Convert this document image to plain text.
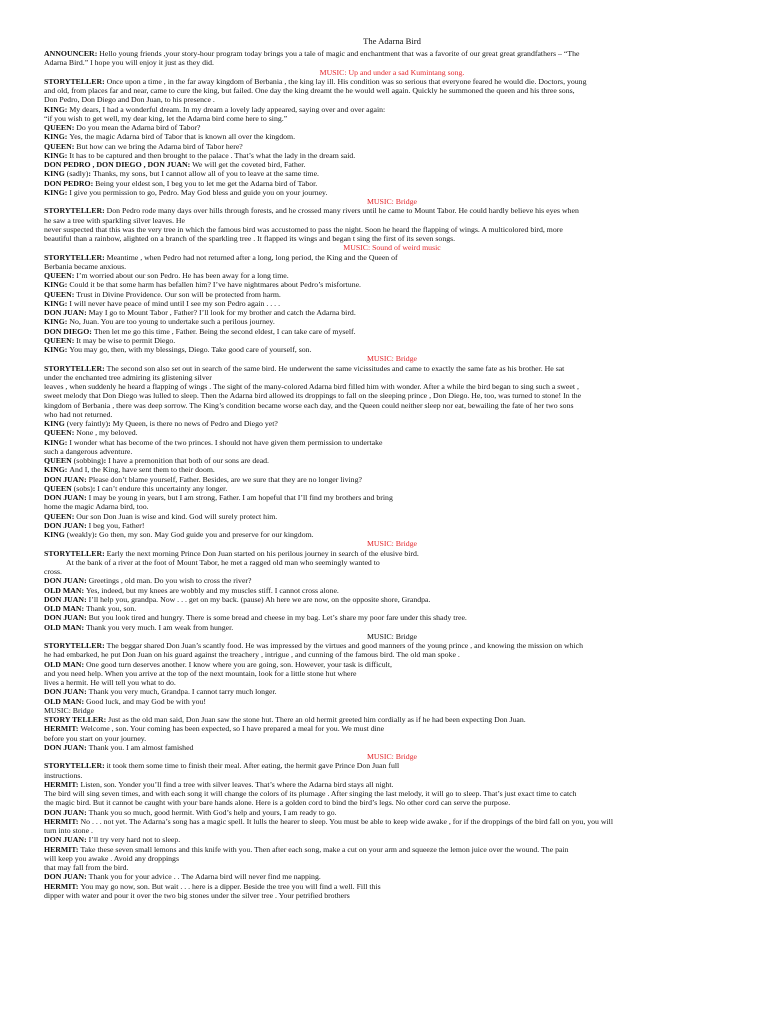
The Adarna Bird
ANNOUNCER: Hello young friends ,your story-hour program today brings you a tale of magic and enchantment that was a favorite of our great great grandfathers – “The
Adarna Bird.” I hope you will enjoy it just as they did.
MUSIC: Up and under a sad Kumintang song.
STORYTELLER: Once upon a time , in the far away kingdom of Berbania , the king lay ill. His condition was so serious that everyone feared he would die. Doctors, young
and old, from places far and near, came to cure the king, but failed. One day the king dreamt the he would well again. Quickly he summoned the queen and his three sons,
Don Pedro, Don Diego and Don Juan, to his presence .
KING: My dears, I had a wonderful dream. In my dream a lovely lady appeared, saying over and over again:
“if you wish to get well, my dear king, let the Adarna bird come here to sing.”
QUEEN: Do you mean the Adarna bird of Tabor?
KING: Yes, the magic Adarna bird of Tabor that is known all over the kingdom.
QUEEN: But how can we bring the Adarna bird of Tabor here?
KING: It has to be captured and then brought to the palace . That’s what the lady in the dream said.
DON PEDRO , DON DIEGO , DON JUAN: We will get the coveted bird, Father.
KING (sadly): Thanks, my sons, but I cannot allow all of you to leave at the same time.
DON PEDRO: Being your eldest son, I beg you to let me get the Adarna bird of Tabor.
KING: I give you permission to go, Pedro. May God bless and guide you on your journey.
MUSIC: Bridge
STORYTELLER: Don Pedro rode many days over hills through forests, and he crossed many rivers until he came to Mount Tabor. He could hardly believe his eyes when
he saw a tree with sparkling silver leaves. He
never suspected that this was the very tree in which the famous bird was accustomed to pass the night. Soon he heard the flapping of wings. A multicolored bird, more
beautiful than a rainbow, alighted on a branch of the sparkling tree . It flapped its wings and began t sing the first of its seven songs.
MUSIC: Sound of weird music
STORYTELLER: Meantime , when Pedro had not returned after a long, long period, the King and the Queen of
Berbania became anxious.
QUEEN: I’m worried about our son Pedro. He has been away for a long time.
KING: Could it be that some harm has befallen him? I’ve have nightmares about Pedro’s misfortune.
QUEEN: Trust in Divine Providence. Our son will be protected from harm.
KING: I will never have peace of mind until I see my son Pedro again . . . .
DON JUAN: May I go to Mount Tabor , Father? I’ll look for my brother and catch the Adarna bird.
KING: No, Juan. You are too young to undertake such a perilous journey.
DON DIEGO: Then let me go this time , Father. Being the second eldest, I can take care of myself.
QUEEN: It may be wise to permit Diego.
KING: You may go, then, with my blessings, Diego. Take good care of yourself, son.
MUSIC: Bridge
STORYTELLER: The second son also set out in search of the same bird. He underwent the same vicissitudes and came to exactly the same fate as his brother. He sat
under the enchanted tree admiring its glistening silver
leaves , when suddenly he heard a flapping of wings . The sight of the many-colored Adarna bird filled him with wonder. After a while the bird began to sing such a sweet ,
sweet melody that Don Diego was lulled to sleep. Then the Adarna bird allowed its droppings to fall on the sleeping prince , Don Diego. He, too, was turned to stone! In the
kingdom of Berbania , there was deep sorrow. The King’s condition became worse each day, and the Queen could neither sleep nor eat, bewailing the fate of her two sons
who had not returned.
KING (very faintly): My Queen, is there no news of Pedro and Diego yet?
QUEEN: None , my beloved.
KING: I wonder what has become of the two princes. I should not have given them permission to undertake
such a dangerous adventure.
QUEEN (sobbing): I have a premonition that both of our sons are dead.
KING: And I, the King, have sent them to their doom.
DON JUAN: Please don’t blame yourself, Father. Besides, are we sure that they are no longer living?
QUEEN (sobs): I can’t endure this uncertainty any longer.
DON JUAN: I may be young in years, but I am strong, Father. I am hopeful that I’ll find my brothers and bring
home the magic Adarna bird, too.
QUEEN: Our son Don Juan is wise and kind. God will surely protect him.
DON JUAN: I beg you, Father!
KING (weakly): Go then, my son. May God guide you and preserve for our kingdom.
MUSIC: Bridge
STORYTELLER: Early the next morning Prince Don Juan started on his perilous journey in search of the elusive bird.
At the bank of a river at the foot of Mount Tabor, he met a ragged old man who seemingly wanted to
cross.
DON JUAN: Greetings , old man. Do you wish to cross the river?
OLD MAN: Yes, indeed, but my knees are wobbly and my muscles stiff. I cannot cross alone.
DON JUAN: I’ll help you, grandpa. Now . . . get on my back. (pause) Ah here we are now, on the opposite shore, Grandpa.
OLD MAN: Thank you, son.
DON JUAN: But you look tired and hungry. There is some bread and cheese in my bag. Let’s share my poor fare under this shady tree.
OLD MAN: Thank you very much. I am weak from hunger.
MUSIC: Bridge
STORYTELLER: The beggar shared Don Juan’s scantly food. He was impressed by the virtues and good manners of the young prince , and knowing the mission on which
he had embarked, he put Don Juan on his guard against the treachery , intrigue , and cunning of the famous bird. The old man spoke .
OLD MAN: One good turn deserves another. I know where you are going, son. However, your task is difficult,
and you need help. When you arrive at the top of the next mountain, look for a little stone hut where
lives a hermit. He will tell you what to do.
DON JUAN: Thank you very much, Grandpa. I cannot tarry much longer.
OLD MAN: Good luck, and may God be with you!
MUSIC: Bridge
STORY TELLER: Just as the old man said, Don Juan saw the stone hut. There an old hermit greeted him cordially as if he had been expecting Don Juan.
HERMIT: Welcome , son. Your coming has been expected, so I have prepared a meal for you. We must dine
before you start on your journey.
DON JUAN: Thank you. I am almost famished
MUSIC: Bridge
STORYTELLER: it took them some time to finish their meal. After eating, the hermit gave Prince Don Juan full
instructions.
HERMIT: Listen, son. Yonder you’ll find a tree with silver leaves. That’s where the Adarna bird stays all night.
The bird will sing seven times, and with each song it will change the colors of its plumage . After singing the last melody, it will go to sleep. That’s just exact time to catch
the magic bird. But it cannot be caught with your bare hands alone. Here is a golden cord to bind the bird’s legs. No other cord can serve the purpose.
DON JUAN: Thank you so much, good hermit. With God’s help and yours, I am ready to go.
HERMIT: No . . . not yet. The Adarna’s song has a magic spell. It lulls the hearer to sleep. You must be able to keep wide awake , for if the droppings of the bird fall on you, you will
turn into stone .
DON JUAN: I’ll try very hard not to sleep.
HERMIT: Take these seven small lemons and this knife with you. Then after each song, make a cut on your arm and squeeze the lemon juice over the wound. The pain
will keep you awake . Avoid any droppings
that may fall from the bird.
DON JUAN: Thank you for your advice . . The Adarna bird will never find me napping.
HERMIT: You may go now, son. But wait . . . here is a dipper. Beside the tree you will find a well. Fill this
dipper with water and pour it over the two big stones under the silver tree . Your petrified brothers
